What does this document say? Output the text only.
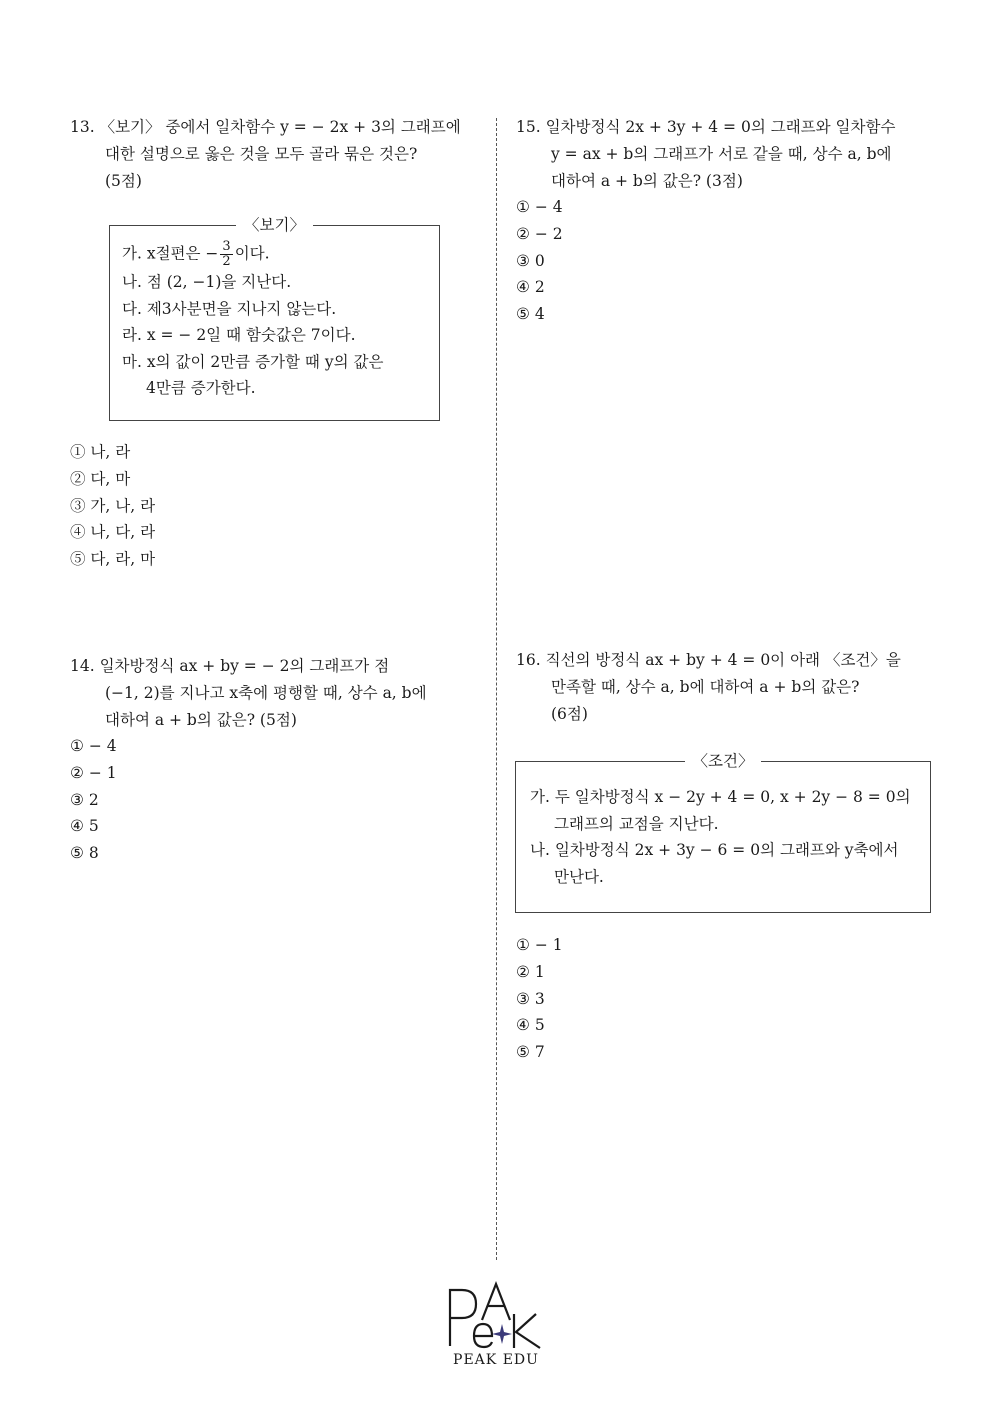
13. 〈보기〉 중에서 일차함수 y = − 2x + 3의 그래프에
대한 설명으로 옳은 것을 모두 골라 묶은 것은?
(5점)
〈보기〉
가. x절편은 − $\frac{3}{2}$ 이다.
나. 점 (2, −1)을 지난다.
다. 제3사분면을 지나지 않는다.
라. x = − 2일 때 함숫값은 7이다.
마. x의 값이 2만큼 증가할 때 y의 값은
4만큼 증가한다.
① 나, 라
② 다, 마
③ 가, 나, 라
④ 나, 다, 라
⑤ 다, 라, 마
14. 일차방정식 ax + by = − 2의 그래프가 점
(−1, 2)를 지나고 x축에 평행할 때, 상수 a, b에
대하여 a + b의 값은? (5점)
① − 4
② − 1
③ 2
④ 5
⑤ 8
15. 일차방정식 2x + 3y + 4 = 0의 그래프와 일차함수
y = ax + b의 그래프가 서로 같을 때, 상수 a, b에
대하여 a + b의 값은? (3점)
① − 4
② − 2
③ 0
④ 2
⑤ 4
16. 직선의 방정식 ax + by + 4 = 0이 아래 〈조건〉을
만족할 때, 상수 a, b에 대하여 a + b의 값은?
(6점)
〈조건〉
가. 두 일차방정식 x − 2y + 4 = 0, x + 2y − 8 = 0의
그래프의 교점을 지난다.
나. 일차방정식 2x + 3y − 6 = 0의 그래프와 y축에서
만난다.
① − 1
② 1
③ 3
④ 5
⑤ 7
PEAK EDU
